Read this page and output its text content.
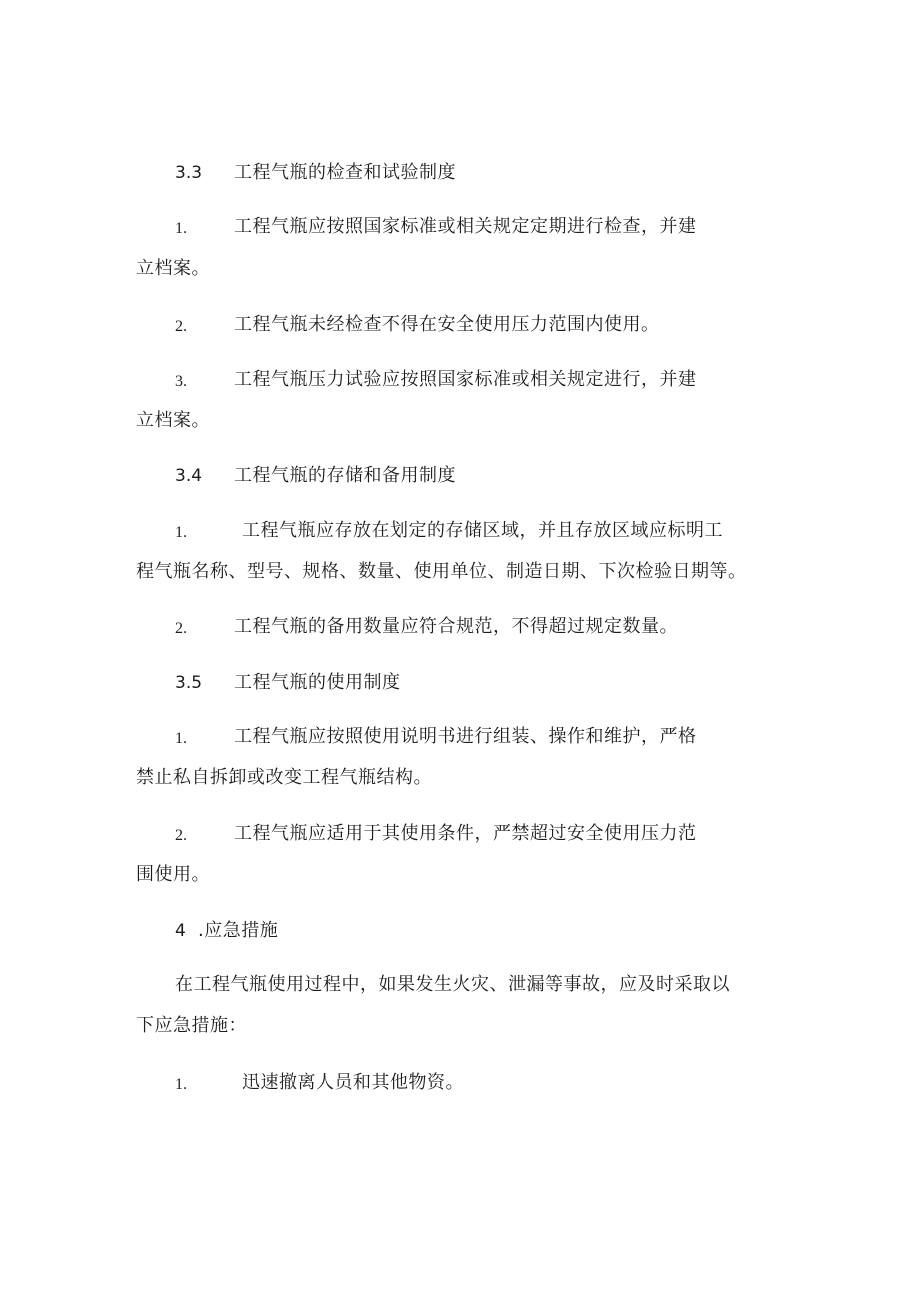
3.3 工程气瓶的检查和试验制度
1.	工程气瓶应按照国家标准或相关规定定期进行检查，并建
立档案。
2.	工程气瓶未经检查不得在安全使用压力范围内使用。
3.	工程气瓶压力试验应按照国家标准或相关规定进行，并建
立档案。
3.4 工程气瓶的存储和备用制度
1.	工程气瓶应存放在划定的存储区域，并且存放区域应标明工
程气瓶名称、型号、规格、数量、使用单位、制造日期、下次检验日期等。
2.	工程气瓶的备用数量应符合规范，不得超过规定数量。
3.5 工程气瓶的使用制度
1.	工程气瓶应按照使用说明书进行组装、操作和维护，严格
禁止私自拆卸或改变工程气瓶结构。
2.	工程气瓶应适用于其使用条件，严禁超过安全使用压力范
围使用。
4 .应急措施
在工程气瓶使用过程中，如果发生火灾、泄漏等事故，应及时采取以
下应急措施：
1.	迅速撤离人员和其他物资。
